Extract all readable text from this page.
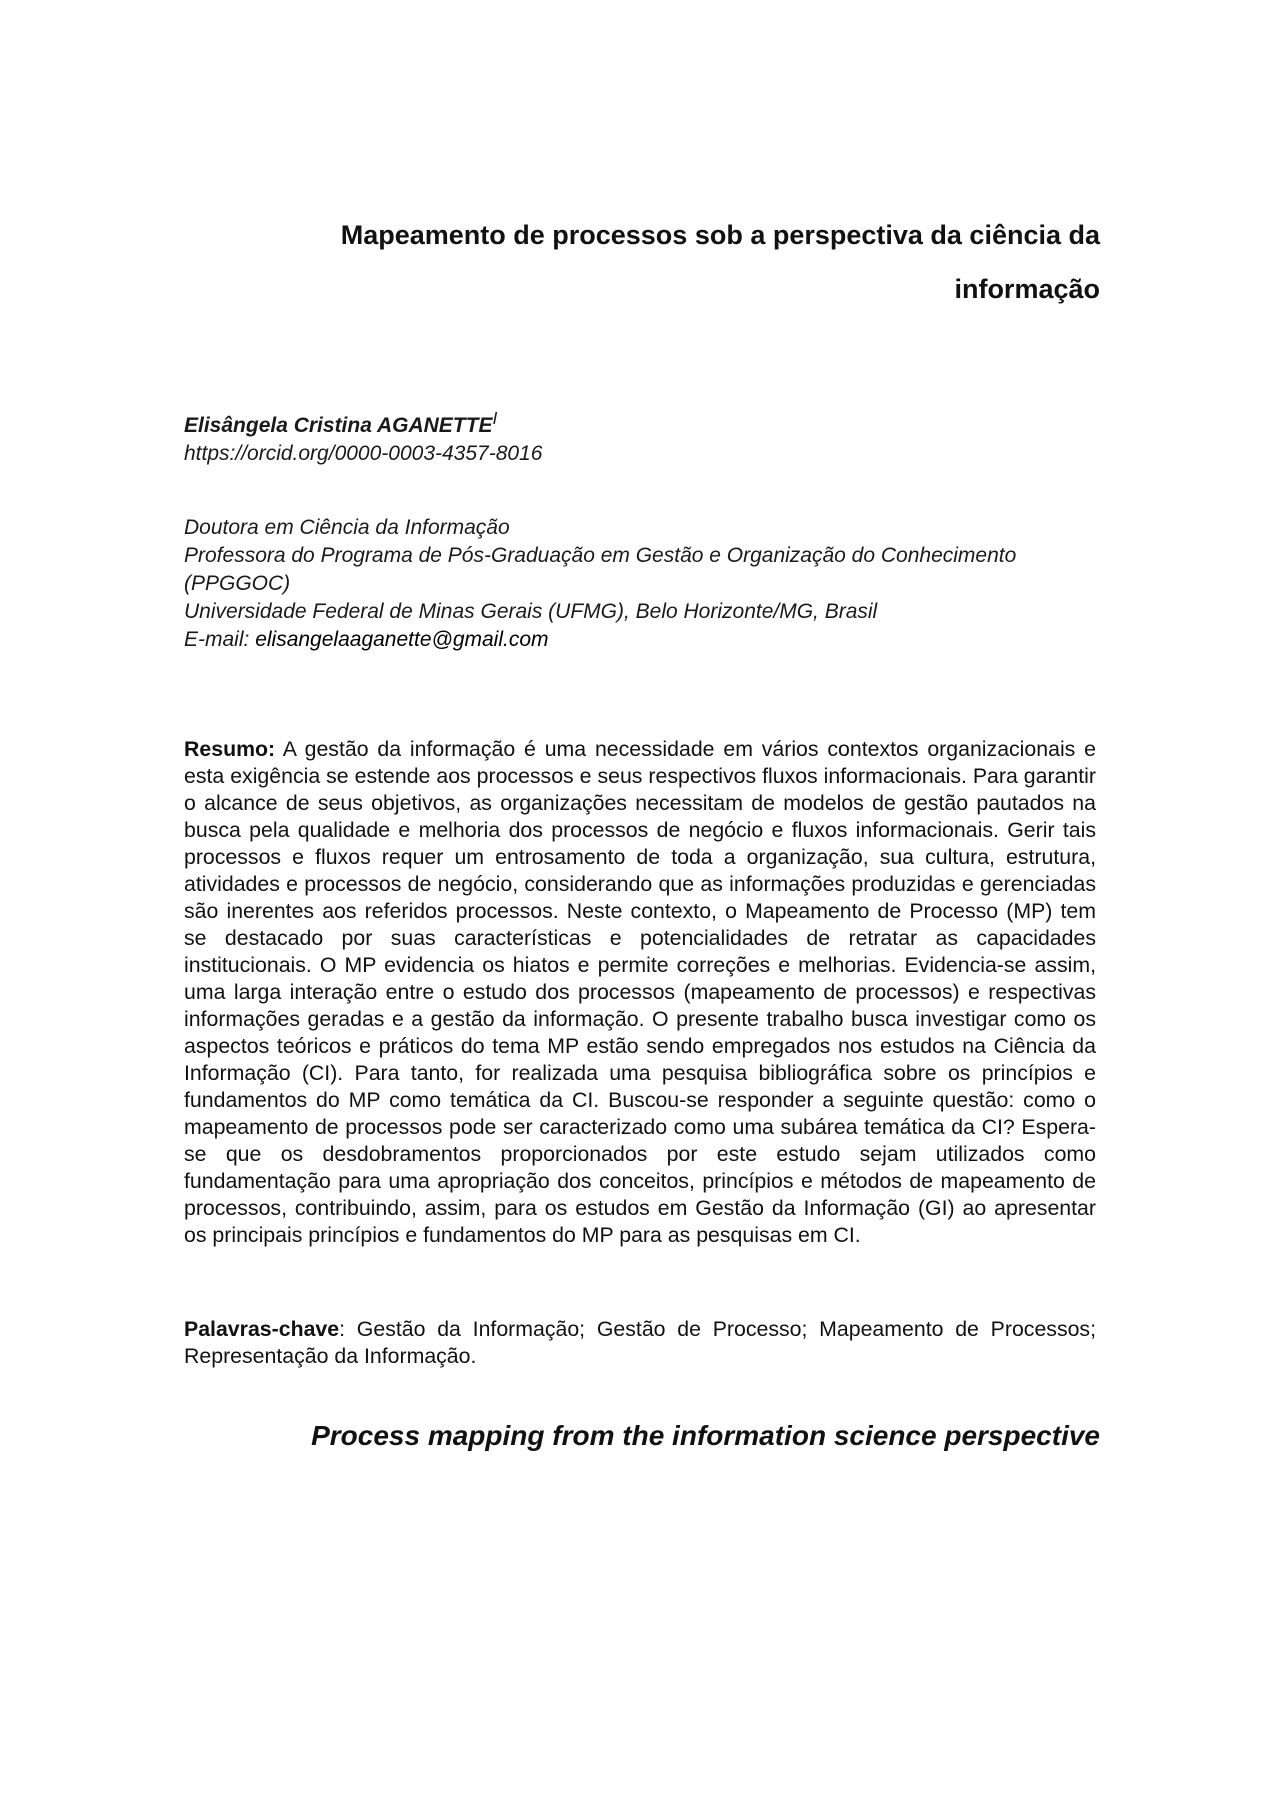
Mapeamento de processos sob a perspectiva da ciência da informação
Elisângela Cristina $AGANETTE^I$
https://orcid.org/0000-0003-4357-8016
Doutora em Ciência da Informação
Professora do Programa de Pós-Graduação em Gestão e Organização do Conhecimento (PPGGOC)
Universidade Federal de Minas Gerais (UFMG), Belo Horizonte/MG, Brasil
E-mail: elisangelaaganette@gmail.com

Resumo: A gestão da informação é uma necessidade em vários contextos organizacionais e esta exigência se estende aos processos e seus respectivos fluxos informacionais. Para garantir o alcance de seus objetivos, as organizações necessitam de modelos de gestão pautados na busca pela qualidade e melhoria dos processos de negócio e fluxos informacionais. Gerir tais processos e fluxos requer um entrosamento de toda a organização, sua cultura, estrutura, atividades e processos de negócio, considerando que as informações produzidas e gerenciadas são inerentes aos referidos processos. Neste contexto, o Mapeamento de Processo (MP) tem se destacado por suas características e potencialidades de retratar as capacidades institucionais. O MP evidencia os hiatos e permite correções e melhorias. Evidencia-se assim, uma larga interação entre o estudo dos processos (mapeamento de processos) e respectivas informações geradas e a gestão da informação. O presente trabalho busca investigar como os aspectos teóricos e práticos do tema MP estão sendo empregados nos estudos na Ciência da Informação (CI). Para tanto, for realizada uma pesquisa bibliográfica sobre os princípios e fundamentos do MP como temática da CI. Buscou-se responder a seguinte questão: como o mapeamento de processos pode ser caracterizado como uma subárea temática da CI? Espera-se que os desdobramentos proporcionados por este estudo sejam utilizados como fundamentação para uma apropriação dos conceitos, princípios e métodos de mapeamento de processos, contribuindo, assim, para os estudos em Gestão da Informação (GI) ao apresentar os principais princípios e fundamentos do MP para as pesquisas em CI.

Palavras-chave: Gestão da Informação; Gestão de Processo; Mapeamento de Processos; Representação da Informação.

Process mapping from the information science perspective
